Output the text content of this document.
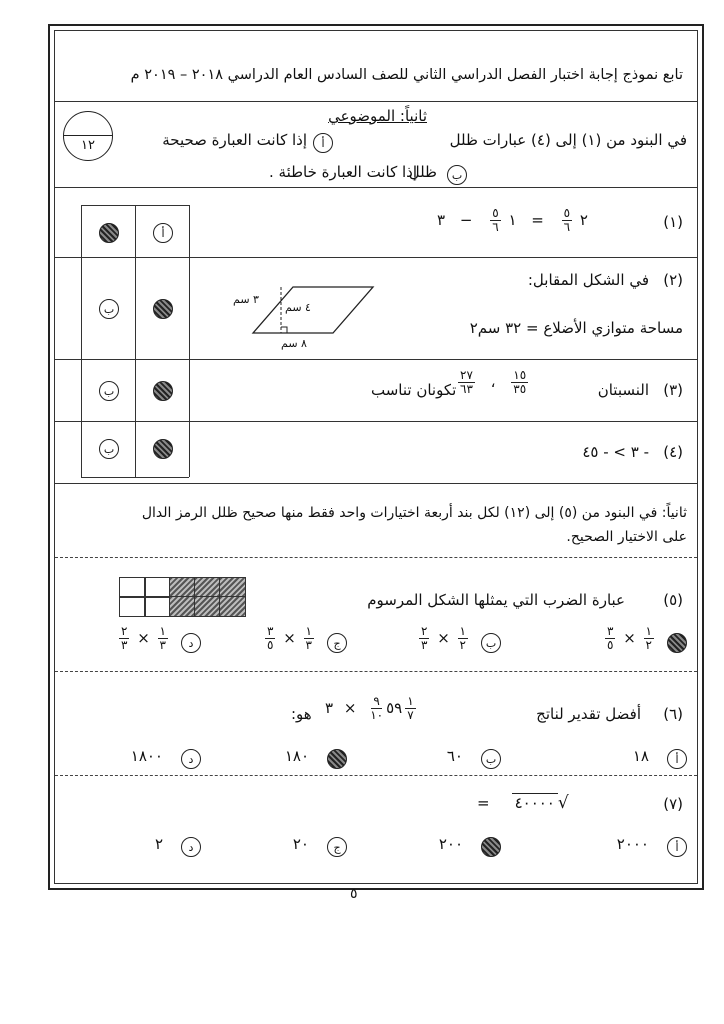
تابع نموذج إجابة اختبار الفصل الدراسي الثاني للصف السادس العام الدراسي ٢٠١٨ – ٢٠١٩ م
١٢
ثانياً: الموضوعي
إذا كانت العبارة صحيحة أ	في البنود من (١) إلى (٤) عبارات ظلل
ظلل ب
إذا كانت العبارة خاطئة .
(١)
٢
$\frac{٥}{٦}$
= ١
$\frac{٥}{٦}$
− ٣
أ
(٢)
في الشكل المقابل:
مساحة متوازي الأضلاع = ٣٢ سم٢
٣ سم
٤ سم
٨ سم
ب
(٣)
النسبتان
$\frac{٢٧}{٦٣}$ ، $\frac{١٥}{٣٥}$
تكونان تناسب
ب
(٤)
- ٣ > - ٤٥
ب
ثانياً: في البنود من (٥) إلى (١٢) لكل بند أربعة اختيارات واحد فقط منها صحيح ظلل الرمز الدال
على الاختيار الصحيح.
(٥)
عبارة الضرب التي يمثلها الشكل المرسوم
$\frac{٣}{٥} \times \frac{١}{٢}$
ب
$\frac{٢}{٣} \times \frac{١}{٢}$
ج
$\frac{٣}{٥} \times \frac{١}{٣}$
د
$\frac{٢}{٣} \times \frac{١}{٣}$
(٦)
أفضل تقدير لناتج
٥٩
$\frac{٩}{١٠}$
× ٣	$\frac{١}{٧}$
هو:
أ
١٨
ب
٦٠
١٨٠
د
١٨٠٠
(٧)
= ٤٠٠٠٠ √
أ
٢٠٠٠
٢٠٠
ج
٢٠
د
٢
٥
